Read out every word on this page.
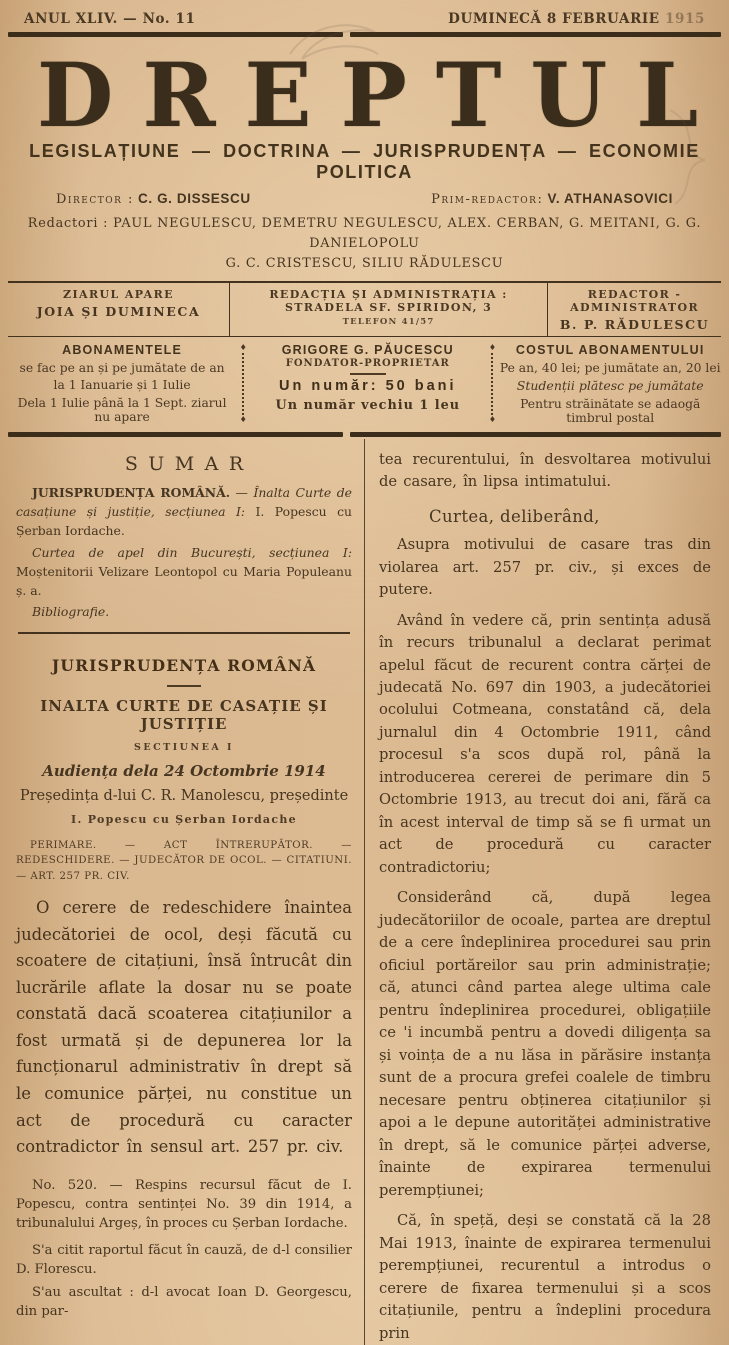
ANUL XLIV. — No. 11	DUMINECĂ 8 FEBRUARIE 1915
DREPTUL
LEGISLAȚIUNE — DOCTRINA — JURISPRUDENȚA — ECONOMIE POLITICA
Director : C. G. DISSESCU	Prim-redactor: V. ATHANASOVICI
Redactori : PAUL NEGULESCU, DEMETRU NEGULESCU, ALEX. CERBAN, G. MEITANI, G. G. DANIELOPOLU
G. C. CRISTESCU, SILIU RĂDULESCU
ZIARUL APARE
JOIA ȘI DUMINECA
REDACȚIA ȘI ADMINISTRAȚIA : STRADELA SF. SPIRIDON, 3
TELEFON 41/57
REDACTOR - ADMINISTRATOR
B. P. RĂDULESCU
ABONAMENTELE
se fac pe an și pe jumătate de an
la 1 Ianuarie și 1 Iulie
Dela 1 Iulie până la 1 Sept. ziarul nu apare
♦
♦
GRIGORE G. PĂUCESCU
FONDATOR-PROPRIETAR
Un număr: 50 bani
Un număr vechiu 1 leu
♦
♦
COSTUL ABONAMENTULUI
Pe an, 40 lei; pe jumătate an, 20 lei
Studenții plătesc pe jumătate
Pentru străinătate se adaogă timbrul postal
SUMAR

JURISPRUDENȚA ROMÂNĂ. — Înalta Curte de casațiune și justiție, secțiunea I: I. Popescu cu Șerban Iordache.

Curtea de apel din București, secțiunea I: Moștenitorii Velizare Leontopol cu Maria Populeanu ș. a.

Bibliografie.

JURISPRUDENȚA ROMÂNĂ
INALTA CURTE DE CASAȚIE ȘI JUSTIȚIE
SECTIUNEA I
Audiența dela 24 Octombrie 1914
Președința d-lui C. R. Manolescu, președinte
I. Popescu cu Șerban Iordache
PERIMARE. — ACT ÎNTRERUPĂTOR. — REDESCHIDERE. — JUDECĂTOR DE OCOL. — CITATIUNI. — ART. 257 PR. CIV.

O cerere de redeschidere înaintea judecătoriei de ocol, deși făcută cu scoatere de citațiuni, însă întrucât din lucrările aflate la dosar nu se poate constată dacă scoaterea citațiunilor a fost urmată și de depunerea lor la funcționarul administrativ în drept să le comunice părței, nu constitue un act de procedură cu caracter contradictor în sensul art. 257 pr. civ.

No. 520. — Respins recursul făcut de I. Popescu, contra sentinței No. 39 din 1914, a tribunalului Argeș, în proces cu Șerban Iordache.

S'a citit raportul făcut în cauză, de d-l consilier D. Florescu.

S'au ascultat : d-l avocat Ioan D. Georgescu, din par-

tea recurentului, în desvoltarea motivului de casare, în lipsa intimatului.

Curtea, deliberând,

Asupra motivului de casare tras din violarea art. 257 pr. civ., și exces de putere.

Având în vedere că, prin sentința adusă în recurs tribunalul a declarat perimat apelul făcut de recurent contra cărței de judecată No. 697 din 1903, a judecătoriei ocolului Cotmeana, constatând că, dela jurnalul din 4 Octombrie 1911, când procesul s'a scos după rol, până la introducerea cererei de perimare din 5 Octombrie 1913, au trecut doi ani, fără ca în acest interval de timp să se fi urmat un act de procedură cu caracter contradictoriu;

Considerând că, după legea judecătoriilor de ocoale, partea are dreptul de a cere îndeplinirea procedurei sau prin oficiul portăreilor sau prin administrație; că, atunci când partea alege ultima cale pentru îndeplinirea procedurei, obligațiile ce 'i incumbă pentru a dovedi diligența sa și voința de a nu lăsa in părăsire instanța sunt de a procura grefei coalele de timbru necesare pentru obținerea citațiunilor și apoi a le depune autorităței administrative în drept, să le comunice părței adverse, înainte de expirarea termenului perempțiunei;

Că, în speță, deși se constată că la 28 Mai 1913, înainte de expirarea termenului perempțiunei, recurentul a introdus o cerere de fixarea termenului și a scos citațiunile, pentru a îndeplini procedura prin
